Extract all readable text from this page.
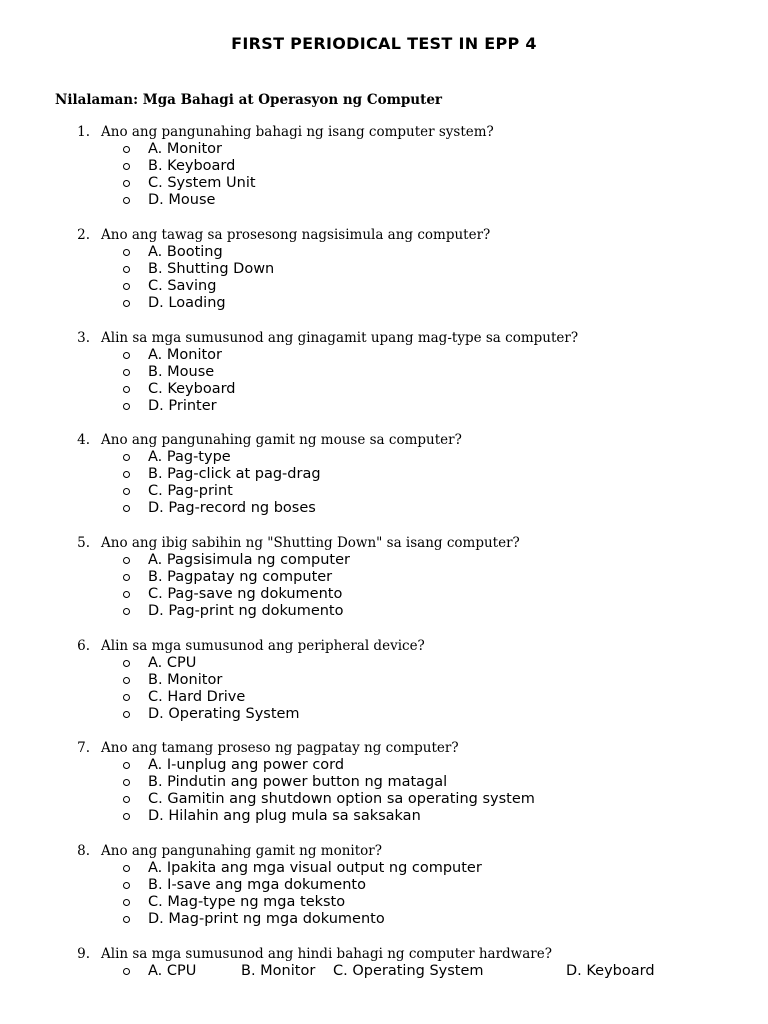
FIRST PERIODICAL TEST IN EPP 4
Nilalaman: Mga Bahagi at Operasyon ng Computer
1. Ano ang pangunahing bahagi ng isang computer system?
A. Monitor
B. Keyboard
C. System Unit
D. Mouse
2. Ano ang tawag sa prosesong nagsisimula ang computer?
A. Booting
B. Shutting Down
C. Saving
D. Loading
3. Alin sa mga sumusunod ang ginagamit upang mag-type sa computer?
A. Monitor
B. Mouse
C. Keyboard
D. Printer
4. Ano ang pangunahing gamit ng mouse sa computer?
A. Pag-type
B. Pag-click at pag-drag
C. Pag-print
D. Pag-record ng boses
5. Ano ang ibig sabihin ng "Shutting Down" sa isang computer?
A. Pagsisimula ng computer
B. Pagpatay ng computer
C. Pag-save ng dokumento
D. Pag-print ng dokumento
6. Alin sa mga sumusunod ang peripheral device?
A. CPU
B. Monitor
C. Hard Drive
D. Operating System
7. Ano ang tamang proseso ng pagpatay ng computer?
A. I-unplug ang power cord
B. Pindutin ang power button ng matagal
C. Gamitin ang shutdown option sa operating system
D. Hilahin ang plug mula sa saksakan
8. Ano ang pangunahing gamit ng monitor?
A. Ipakita ang mga visual output ng computer
B. I-save ang mga dokumento
C. Mag-type ng mga teksto
D. Mag-print ng mga dokumento
9. Alin sa mga sumusunod ang hindi bahagi ng computer hardware?
A. CPU	B. Monitor C. Operating System	D. Keyboard
